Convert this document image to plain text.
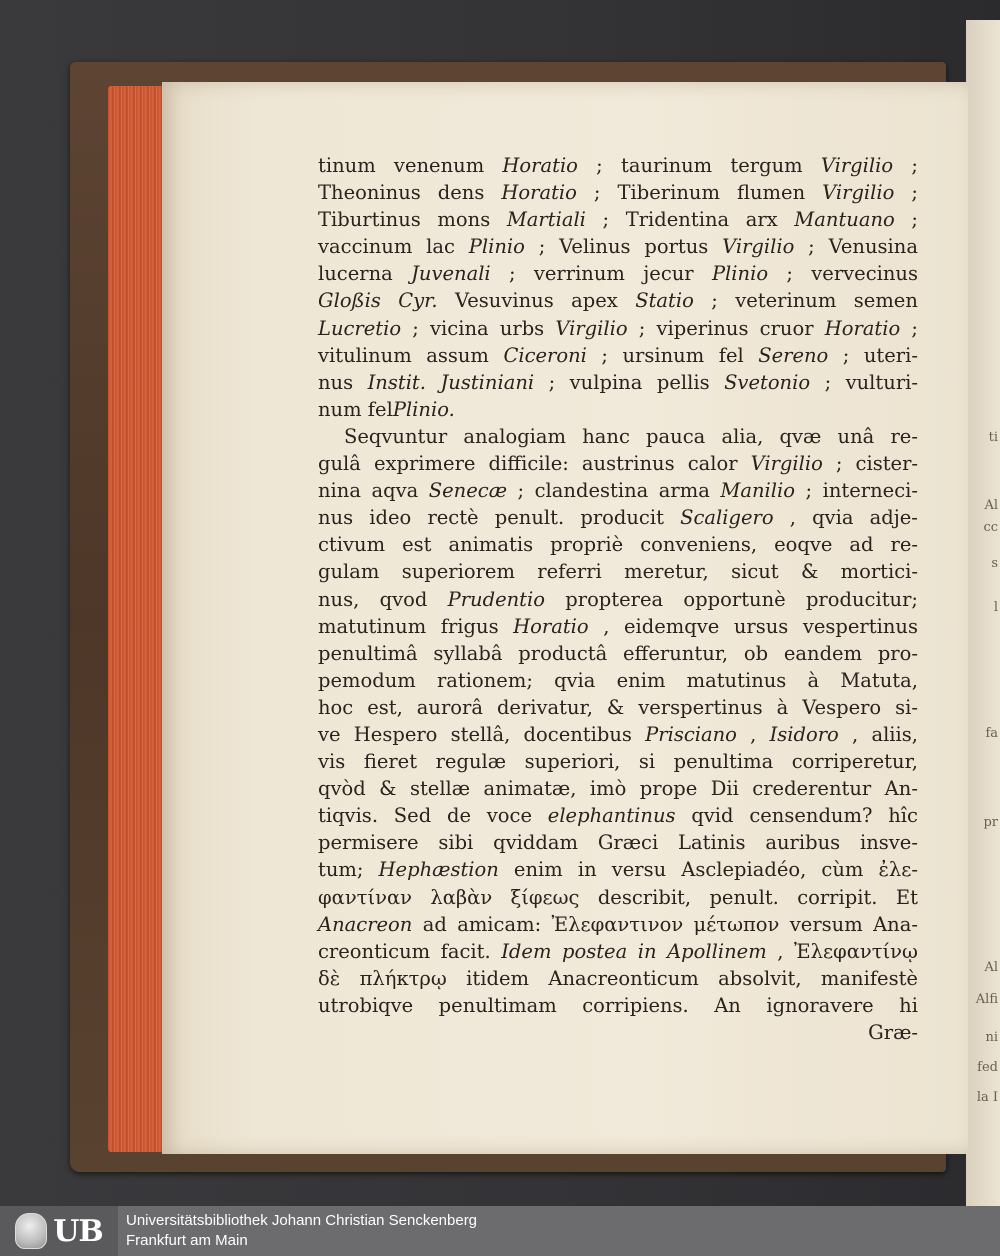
ti
Al
cc
s
l
fa
pr
Al
Alfi
ni
fed
la I
tinum venenum Horatio ; taurinum tergum Virgilio ;
Theoninus dens Horatio ; Tiberinum flumen Virgilio ;
Tiburtinus mons Martiali ; Tridentina arx Mantuano ;
vaccinum lac Plinio ; Velinus portus Virgilio ; Venusina
lucerna Juvenali ; verrinum jecur Plinio ; vervecinus
Gloßis Cyr. Vesuvinus apex Statio ; veterinum semen
Lucretio ; vicina urbs Virgilio ; viperinus cruor Horatio ;
vitulinum assum Ciceroni ; ursinum fel Sereno ; uteri-
nus Instit. Justiniani ; vulpina pellis Svetonio ; vulturi-
num fel Plinio.
Seqvuntur analogiam hanc pauca alia, qvæ unâ re-
gulâ exprimere difficile: austrinus calor Virgilio ; cister-
nina aqva Senecæ ; clandestina arma Manilio ; interneci-
nus ideo rectè penult. producit Scaligero , qvia adje-
ctivum est animatis propriè conveniens, eoqve ad re-
gulam superiorem referri meretur, sicut & mortici-
nus, qvod Prudentio propterea opportunè producitur;
matutinum frigus Horatio , eidemqve ursus vespertinus
penultimâ syllabâ productâ efferuntur, ob eandem pro-
pemodum rationem; qvia enim matutinus à Matuta,
hoc est, aurorâ derivatur, & verspertinus à Vespero si-
ve Hespero stellâ, docentibus Prisciano , Isidoro , aliis,
vis fieret regulæ superiori, si penultima corriperetur,
qvòd & stellæ animatæ, imò prope Dii crederentur An-
tiqvis. Sed de voce elephantinus qvid censendum? hîc
permisere sibi qviddam Græci Latinis auribus insve-
tum; Hephæstion enim in versu Asclepiadéo, cùm ἐλε-
φαντίναν λαβὰν ξίφεως describit, penult. corripit. Et
Anacreon ad amicam: Ἐλεφαντινον μέτωπον versum Ana-
creonticum facit. Idem postea in Apollinem , Ἐλεφαντίνῳ
δὲ πλήκτρῳ itidem Anacreonticum absolvit, manifestè
utrobiqve penultimam corripiens. An ignoravere hi
Græ-
UB Universitätsbibliothek Johann Christian Senckenberg
Frankfurt am Main
